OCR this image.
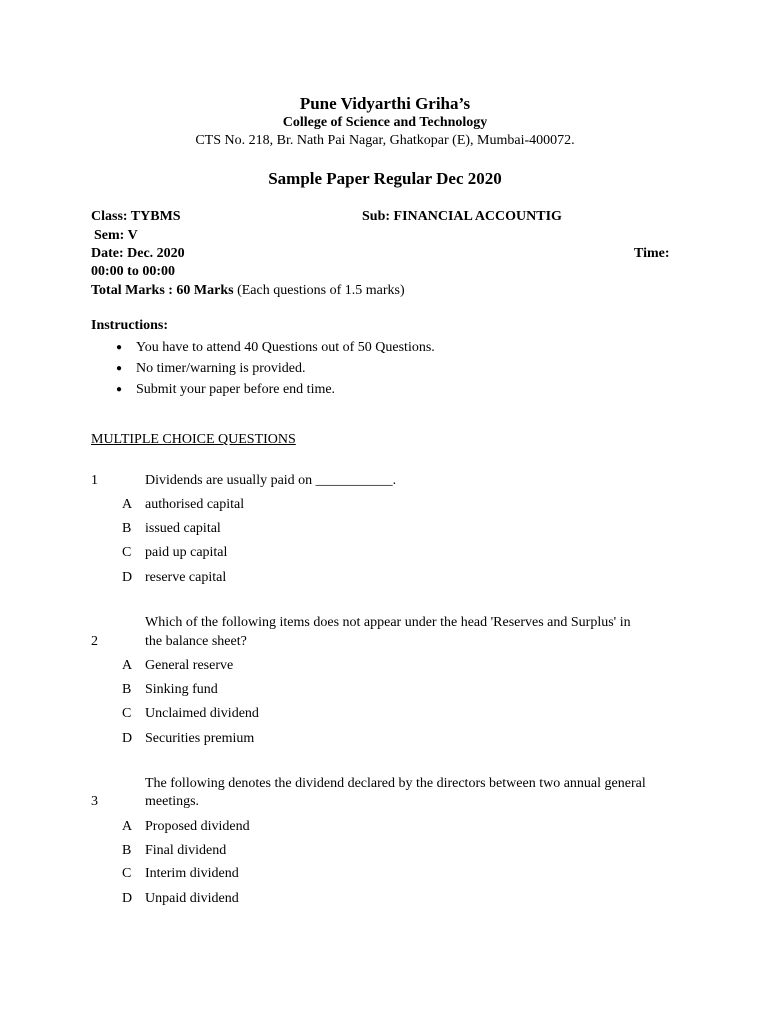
Pune Vidyarthi Griha’s
College of Science and Technology
CTS No. 218, Br. Nath Pai Nagar, Ghatkopar (E), Mumbai-400072.
Sample Paper Regular Dec 2020
Class: TYBMS	Sub: FINANCIAL ACCOUNTIG
Sem: V
Date: Dec. 2020	Time:
00:00 to 00:00
Total Marks : 60 Marks (Each questions of 1.5 marks)
Instructions:
● You have to attend 40 Questions out of 50 Questions.
● No timer/warning is provided.
● Submit your paper before end time.
MULTIPLE CHOICE QUESTIONS
1	Dividends are usually paid on ___________.
A authorised capital
B issued capital
C paid up capital
D reserve capital
Which of the following items does not appear under the head 'Reserves and Surplus' in
2	the balance sheet?
A General reserve
B Sinking fund
C Unclaimed dividend
D Securities premium
The following denotes the dividend declared by the directors between two annual general
3	meetings.
A Proposed dividend
B Final dividend
C Interim dividend
D Unpaid dividend
